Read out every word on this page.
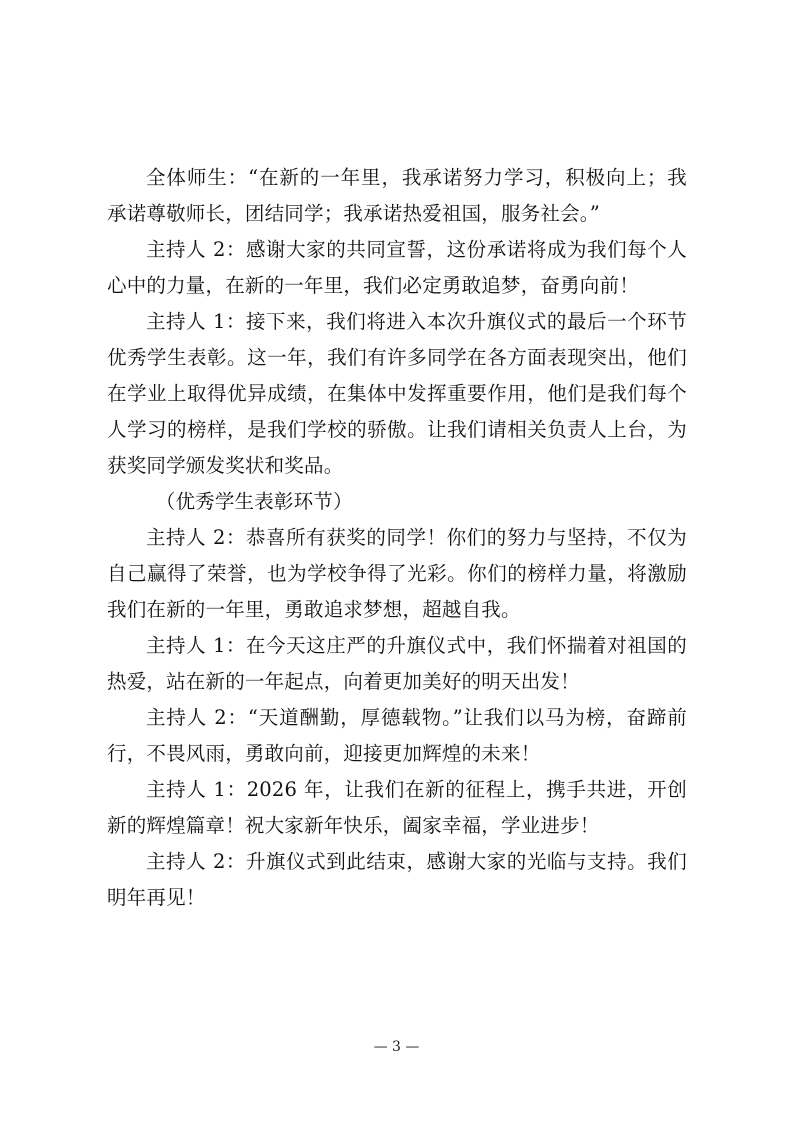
全体师生：“在新的一年里，我承诺努力学习，积极向上；我承诺尊敬师长，团结同学；我承诺热爱祖国，服务社会。”

主持人 2：感谢大家的共同宣誓，这份承诺将成为我们每个人心中的力量，在新的一年里，我们必定勇敢追梦，奋勇向前！

主持人 1：接下来，我们将进入本次升旗仪式的最后一个环节优秀学生表彰。这一年，我们有许多同学在各方面表现突出，他们在学业上取得优异成绩，在集体中发挥重要作用，他们是我们每个人学习的榜样，是我们学校的骄傲。让我们请相关负责人上台，为获奖同学颁发奖状和奖品。

（优秀学生表彰环节）

主持人 2：恭喜所有获奖的同学！你们的努力与坚持，不仅为自己赢得了荣誉，也为学校争得了光彩。你们的榜样力量，将激励我们在新的一年里，勇敢追求梦想，超越自我。

主持人 1：在今天这庄严的升旗仪式中，我们怀揣着对祖国的热爱，站在新的一年起点，向着更加美好的明天出发！

主持人 2：“天道酬勤，厚德载物。”让我们以马为榜，奋蹄前行，不畏风雨，勇敢向前，迎接更加辉煌的未来！

主持人 1：2026 年，让我们在新的征程上，携手共进，开创新的辉煌篇章！祝大家新年快乐，阖家幸福，学业进步！

主持人 2：升旗仪式到此结束，感谢大家的光临与支持。我们明年再见！

— 3 —
